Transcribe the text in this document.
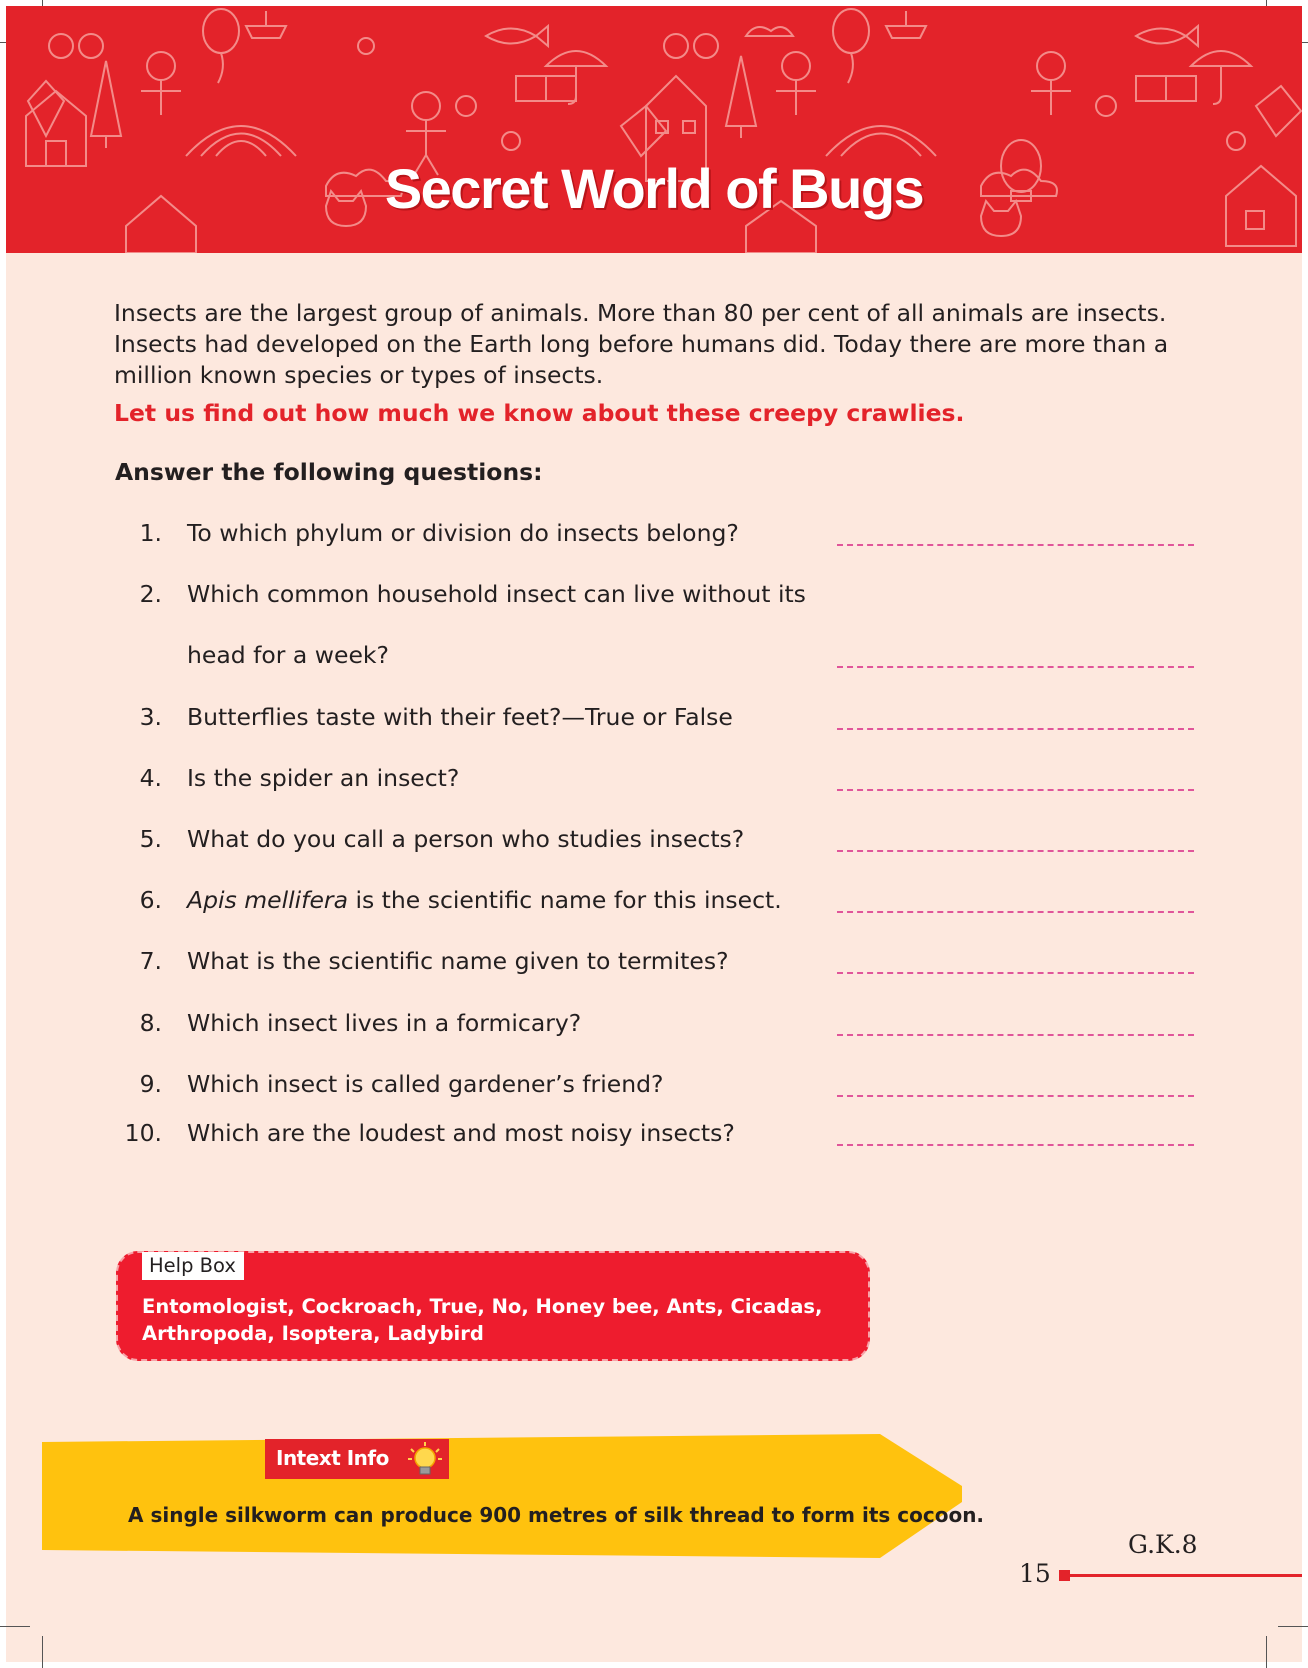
Secret World of Bugs
Insects are the largest group of animals. More than 80 per cent of all animals are insects. Insects had developed on the Earth long before humans did. Today there are more than a million known species or types of insects.
Let us find out how much we know about these creepy crawlies.
Answer the following questions:
1. To which phylum or division do insects belong?
2. Which common household insect can live without its
head for a week?
3. Butterflies taste with their feet?—True or False
4. Is the spider an insect?
5. What do you call a person who studies insects?
6. Apis mellifera is the scientific name for this insect.
7. What is the scientific name given to termites?
8. Which insect lives in a formicary?
9. Which insect is called gardener’s friend?
10. Which are the loudest and most noisy insects?
Help Box
Entomologist, Cockroach, True, No, Honey bee, Ants, Cicadas, Arthropoda, Isoptera, Ladybird
Intext Info
A single silkworm can produce 900 metres of silk thread to form its cocoon.
G.K.8
15
